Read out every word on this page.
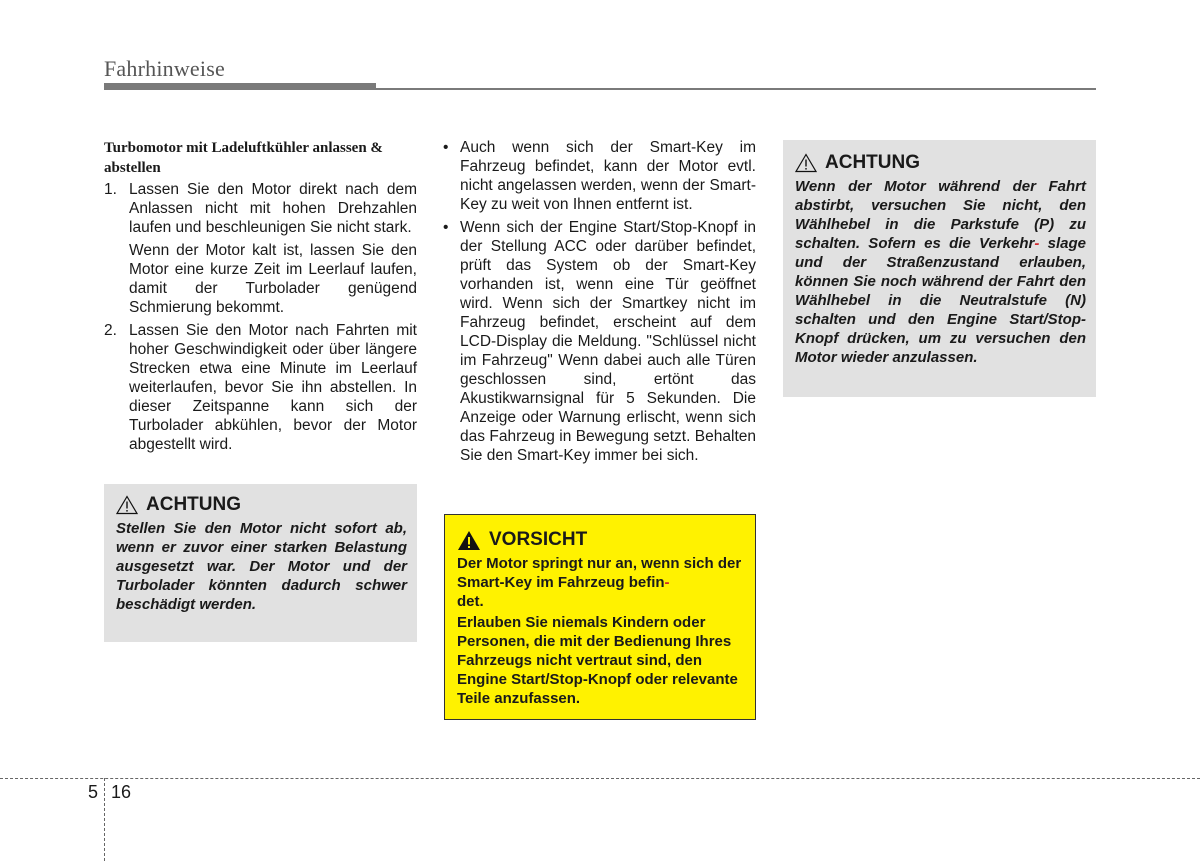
Fahrhinweise
Turbomotor mit Ladeluftkühler anlassen & abstellen
1. Lassen Sie den Motor direkt nach dem Anlassen nicht mit hohen Drehzahlen laufen und beschleunigen Sie nicht stark.

Wenn der Motor kalt ist, lassen Sie den Motor eine kurze Zeit im Leerlauf laufen, damit der Turbolader genügend Schmierung bekommt.

2. Lassen Sie den Motor nach Fahrten mit hoher Geschwindigkeit oder über längere Strecken etwa eine Minute im Leerlauf weiterlaufen, bevor Sie ihn abstellen. In dieser Zeitspanne kann sich der Turbolader abkühlen, bevor der Motor abgestellt wird.

ACHTUNG

Stellen Sie den Motor nicht sofort ab, wenn er zuvor einer starken Belastung ausgesetzt war. Der Motor und der Turbolader könnten dadurch schwer beschädigt werden.

• Auch wenn sich der Smart-Key im Fahrzeug befindet, kann der Motor evtl. nicht angelassen werden, wenn der Smart-Key zu weit von Ihnen entfernt ist.
• Wenn sich der Engine Start/Stop-Knopf in der Stellung ACC oder darüber befindet, prüft das System ob der Smart-Key vorhanden ist, wenn eine Tür geöffnet wird. Wenn sich der Smartkey nicht im Fahrzeug befindet, erscheint auf dem LCD-Display die Meldung. "Schlüssel nicht im Fahrzeug" Wenn dabei auch alle Türen geschlossen sind, ertönt das Akustikwarnsignal für 5 Sekunden. Die Anzeige oder Warnung erlischt, wenn sich das Fahrzeug in Bewegung setzt. Behalten Sie den Smart-Key immer bei sich.
VORSICHT

Der Motor springt nur an, wenn sich der Smart-Key im Fahrzeug befin-
det.

Erlauben Sie niemals Kindern oder Personen, die mit der Bedienung Ihres Fahrzeugs nicht vertraut sind, den Engine Start/Stop-Knopf oder relevante Teile anzufassen.

ACHTUNG

Wenn der Motor während der Fahrt abstirbt, versuchen Sie nicht, den Wählhebel in die Parkstufe (P) zu schalten. Sofern es die Verkehr- slage und der Straßenzustand erlauben, können Sie noch während der Fahrt den Wählhebel in die Neutralstufe (N) schalten und den Engine Start/Stop-Knopf drücken, um zu versuchen den Motor wieder anzulassen.

5 16
